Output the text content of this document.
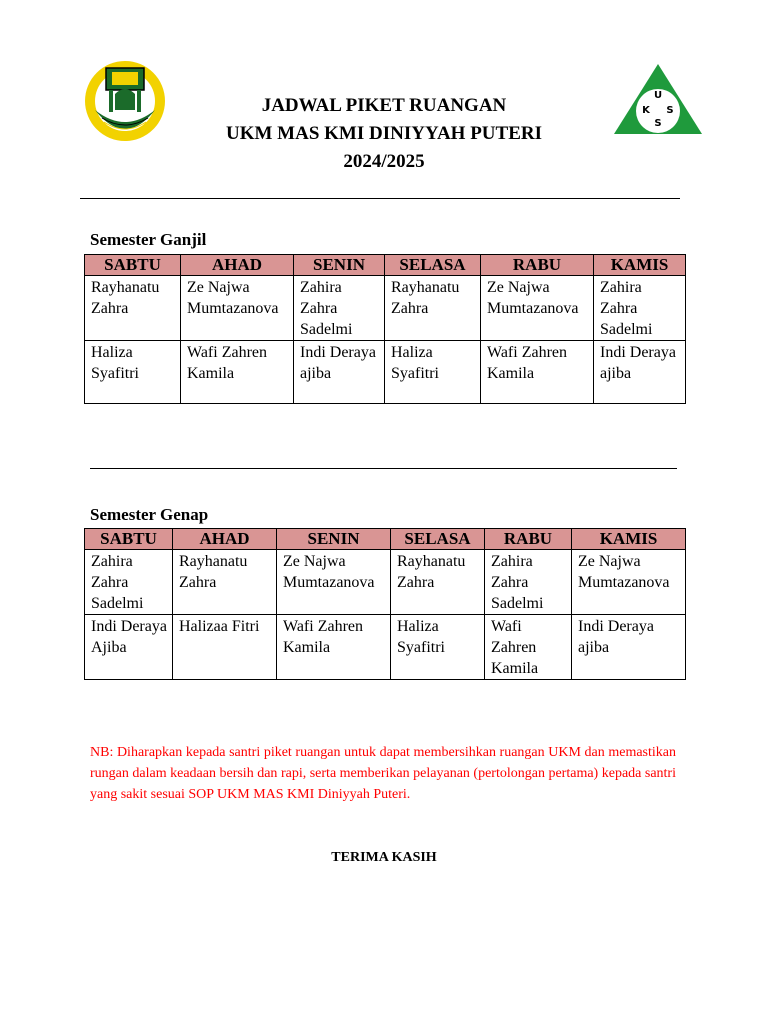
U
K S
S
JADWAL PIKET RUANGAN
UKM MAS KMI DINIYYAH PUTERI
2024/2025
Semester Ganjil
SABTU	AHAD	SENIN	SELASA	RABU	KAMIS
Rayhanatu Zahra	Ze Najwa Mumtazanova	Zahira Zahra Sadelmi	Rayhanatu Zahra	Ze Najwa Mumtazanova	Zahira Zahra Sadelmi
Haliza Syafitri	Wafi Zahren Kamila	Indi Deraya ajiba	Haliza Syafitri	Wafi Zahren Kamila	Indi Deraya ajiba
Semester Genap
SABTU	AHAD	SENIN	SELASA	RABU	KAMIS
Zahira Zahra Sadelmi	Rayhanatu Zahra	Ze Najwa Mumtazanova	Rayhanatu Zahra	Zahira Zahra Sadelmi	Ze Najwa Mumtazanova
Indi Deraya Ajiba	Halizaa Fitri	Wafi Zahren Kamila	Haliza Syafitri	Wafi Zahren Kamila	Indi Deraya ajiba
NB: Diharapkan kepada santri piket ruangan untuk dapat membersihkan ruangan UKM dan memastikan rungan dalam keadaan bersih dan rapi, serta memberikan pelayanan (pertolongan pertama) kepada santri yang sakit sesuai SOP UKM MAS KMI Diniyyah Puteri.
TERIMA KASIH
